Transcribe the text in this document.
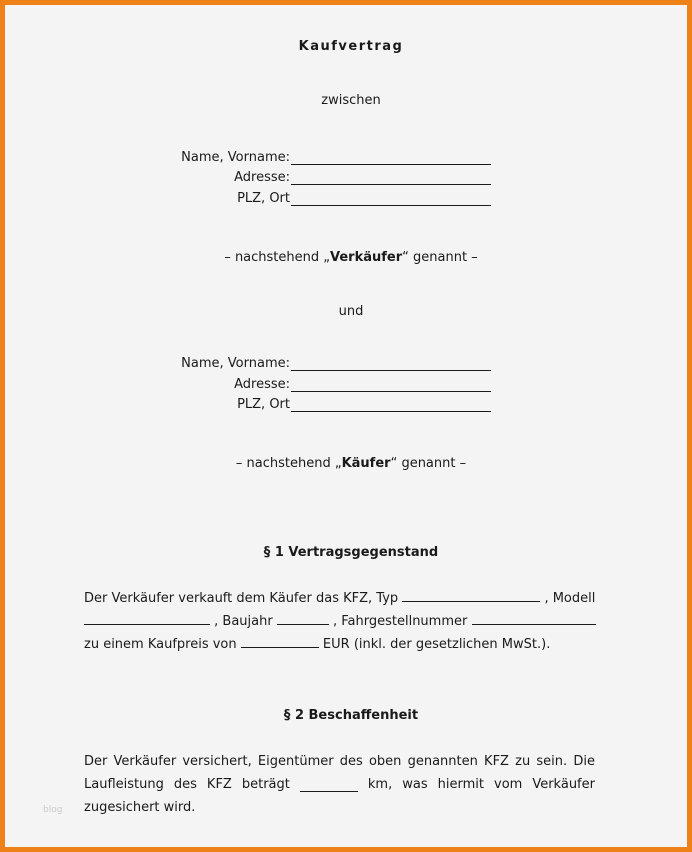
Kaufvertrag
zwischen
Name, Vorname:
Adresse:
PLZ, Ort
– nachstehend „Verkäufer“ genannt –
und
Name, Vorname:
Adresse:
PLZ, Ort
– nachstehend „Käufer“ genannt –
§ 1 Vertragsgegenstand
Der Verkäufer verkauft dem Käufer das KFZ, Typ	, Modell
, Baujahr	, Fahrgestellnummer
zu einem Kaufpreis von	EUR (inkl. der gesetzlichen MwSt.).
§ 2 Beschaffenheit
Der Verkäufer versichert, Eigentümer des oben genannten KFZ zu sein. Die
Laufleistung des KFZ beträgt	km, was hiermit vom Verkäufer
zugesichert wird.
blog
